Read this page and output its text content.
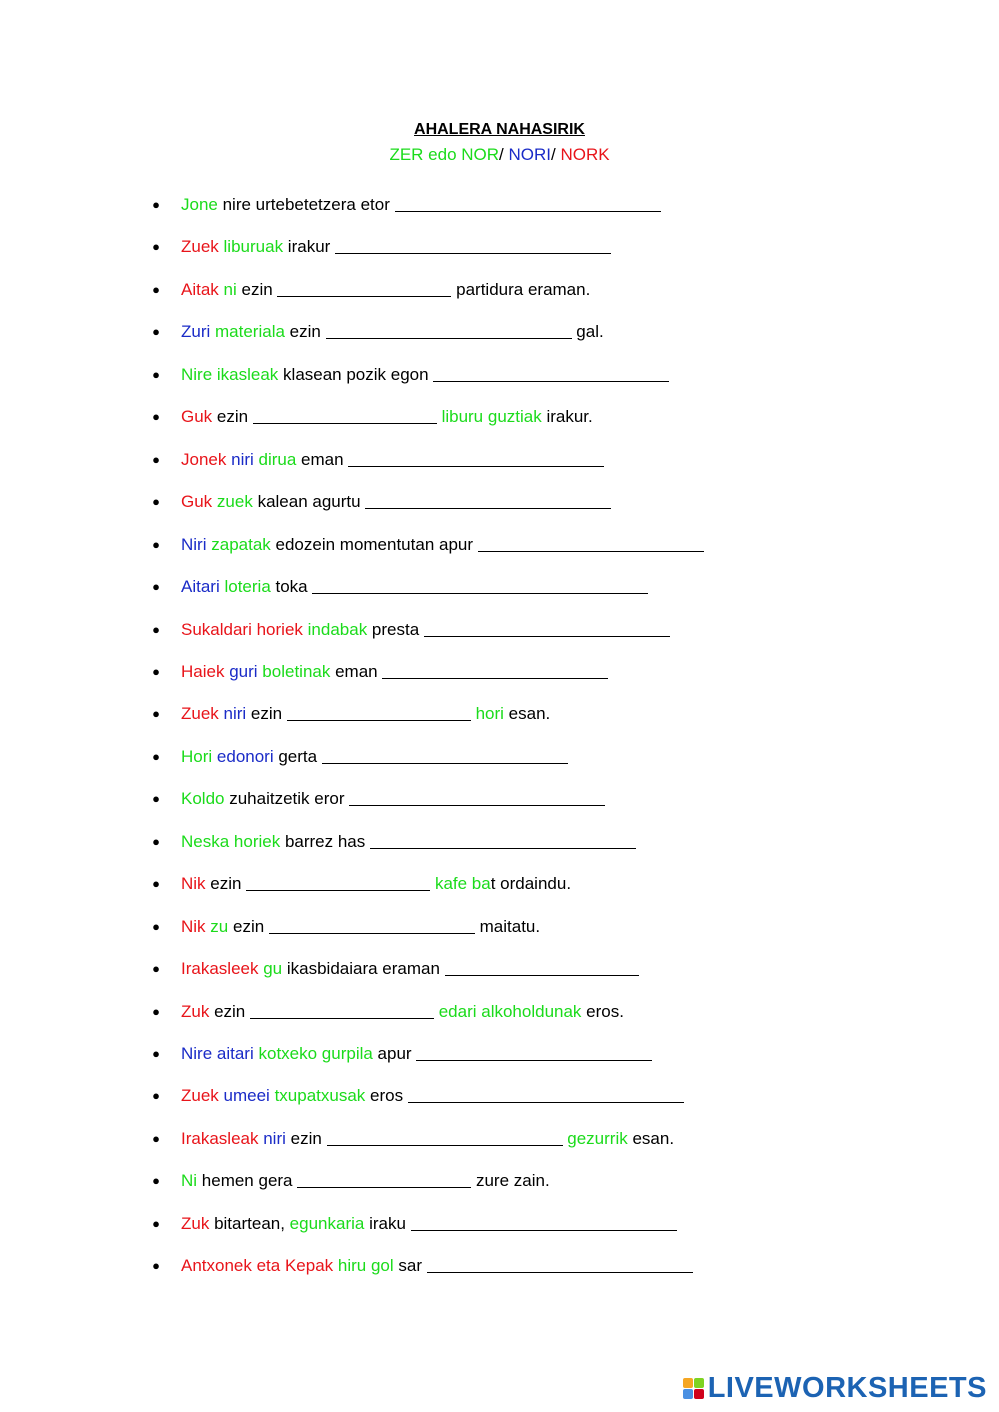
AHALERA NAHASIRIK
ZER edo NOR/ NORI/ NORK
● Jone nire urtebetetzera etor
● Zuek liburuak irakur
● Aitak ni ezin	partidura eraman.
● Zuri materiala ezin	gal.
● Nire ikasleak klasean pozik egon
● Guk ezin	liburu guztiak irakur.
● Jonek niri dirua eman
● Guk zuek kalean agurtu
● Niri zapatak edozein momentutan apur
● Aitari loteria toka
● Sukaldari horiek indabak presta
● Haiek guri boletinak eman
● Zuek niri ezin	hori esan.
● Hori edonori gerta
● Koldo zuhaitzetik eror
● Neska horiek barrez has
● Nik ezin	kafe bat ordaindu.
● Nik zu ezin	maitatu.
● Irakasleek gu ikasbidaiara eraman
● Zuk ezin	edari alkoholdunak eros.
● Nire aitari kotxeko gurpila apur
● Zuek umeei txupatxusak eros
● Irakasleak niri ezin	gezurrik esan.
● Ni hemen gera	zure zain.
● Zuk bitartean, egunkaria iraku
● Antxonek eta Kepak hiru gol sar
LIVEWORKSHEETS
